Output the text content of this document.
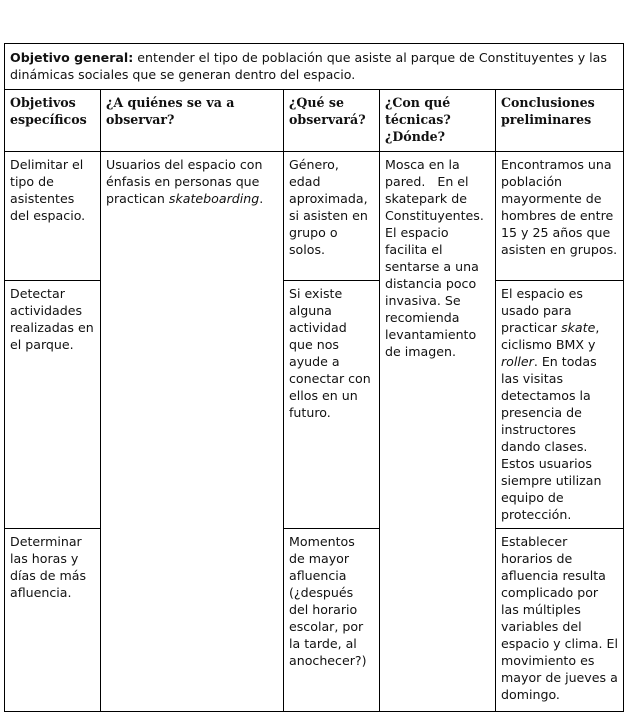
Objetivo general: entender el tipo de población que asiste al parque de Constituyentes y las dinámicas sociales que se generan dentro del espacio.				
Objetivos específicos	¿A quiénes se va a observar?	¿Qué se observará?	¿Con qué técnicas? ¿Dónde?	Conclusiones preliminares
Delimitar el tipo de asistentes del espacio.	Usuarios del espacio con énfasis en personas que practican skateboarding.	Género, edad aproximada, si asisten en grupo o solos.	Mosca en la pared.   En el skatepark de Constituyentes.   El espacio facilita el sentarse a una distancia poco invasiva. Se recomienda levantamiento de imagen.	Encontramos una población mayormente de hombres de entre 15 y 25 años que asisten en grupos.
Detectar actividades realizadas en el parque.		Si existe alguna actividad que nos ayude a conectar con ellos en un futuro.		El espacio es usado para practicar skate, ciclismo BMX y roller. En todas las visitas detectamos la presencia de instructores dando clases. Estos usuarios siempre utilizan equipo de protección.
Determinar las horas y días de más afluencia.		Momentos de mayor afluencia (¿después del horario escolar, por la tarde, al anochecer?)		Establecer horarios de afluencia resulta complicado por las múltiples variables del espacio y clima. El movimiento es mayor de jueves a domingo.
